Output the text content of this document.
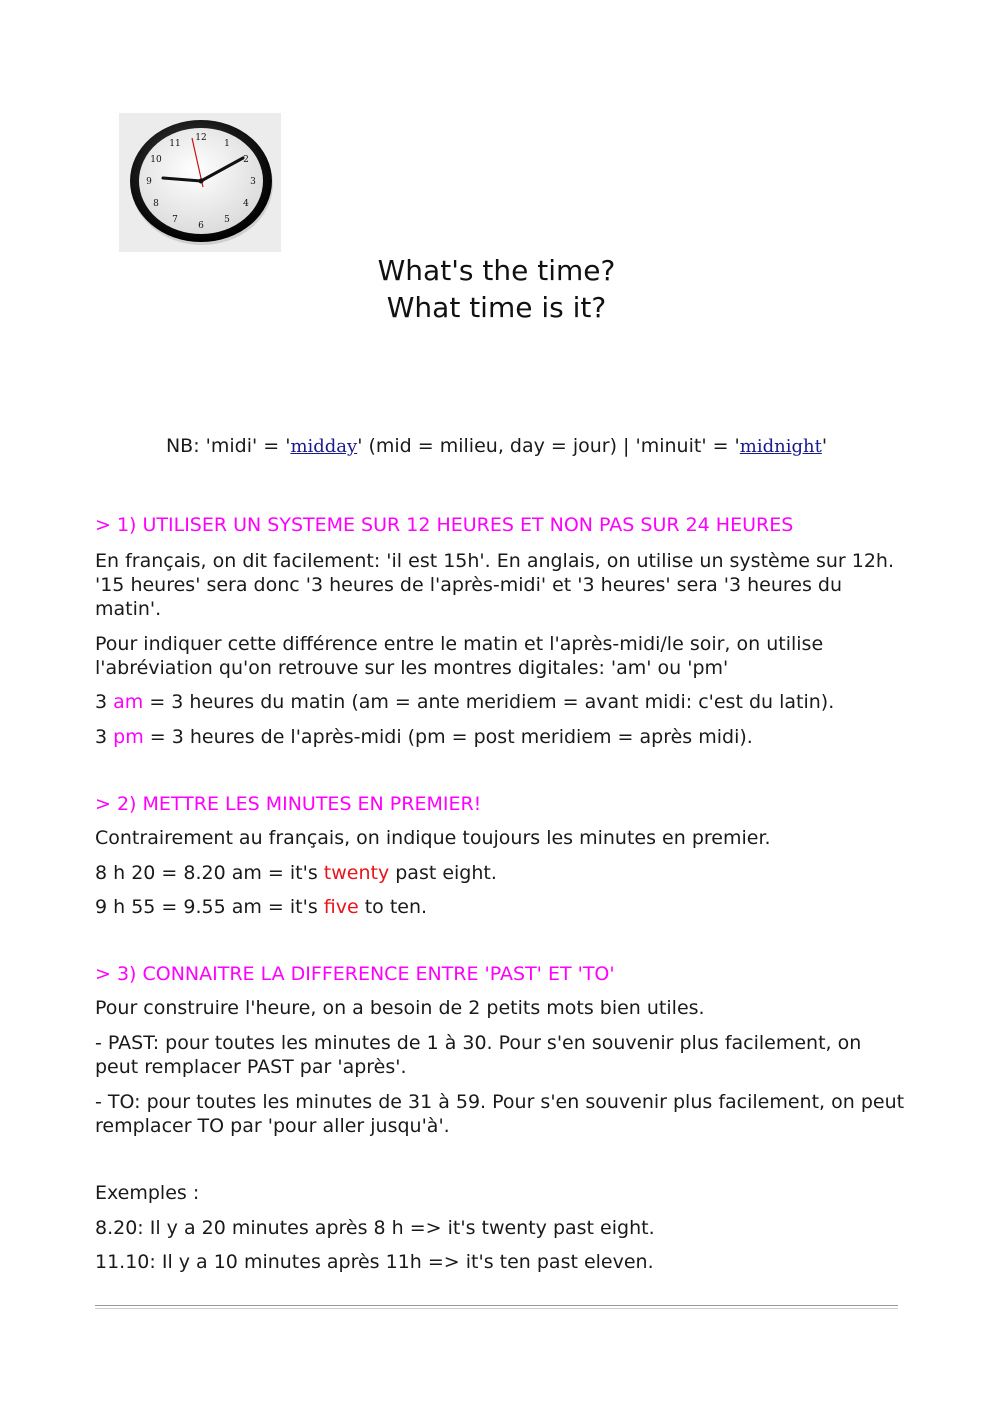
12
1
2
3
4
5
6
7
8
9
10
11
What's the time?
What time is it?
NB: 'midi' = 'midday' (mid = milieu, day = jour) | 'minuit' = 'midnight'

> 1) UTILISER UN SYSTEME SUR 12 HEURES ET NON PAS SUR 24 HEURES

En français, on dit facilement: 'il est 15h'. En anglais, on utilise un système sur 12h. '15 heures' sera donc '3 heures de l'après-midi' et '3 heures' sera '3 heures du matin'.

Pour indiquer cette différence entre le matin et l'après-midi/le soir, on utilise l'abréviation qu'on retrouve sur les montres digitales: 'am' ou 'pm'

3 am = 3 heures du matin (am = ante meridiem = avant midi: c'est du latin).

3 pm = 3 heures de l'après-midi (pm = post meridiem = après midi).

> 2) METTRE LES MINUTES EN PREMIER!

Contrairement au français, on indique toujours les minutes en premier.

8 h 20 = 8.20 am = it's twenty past eight.

9 h 55 = 9.55 am = it's five to ten.

> 3) CONNAITRE LA DIFFERENCE ENTRE 'PAST' ET 'TO'

Pour construire l'heure, on a besoin de 2 petits mots bien utiles.

- PAST: pour toutes les minutes de 1 à 30. Pour s'en souvenir plus facilement, on peut remplacer PAST par 'après'.

- TO: pour toutes les minutes de 31 à 59. Pour s'en souvenir plus facilement, on peut remplacer TO par 'pour aller jusqu'à'.

Exemples :

8.20: Il y a 20 minutes après 8 h => it's twenty past eight.

11.10: Il y a 10 minutes après 11h => it's ten past eleven.
